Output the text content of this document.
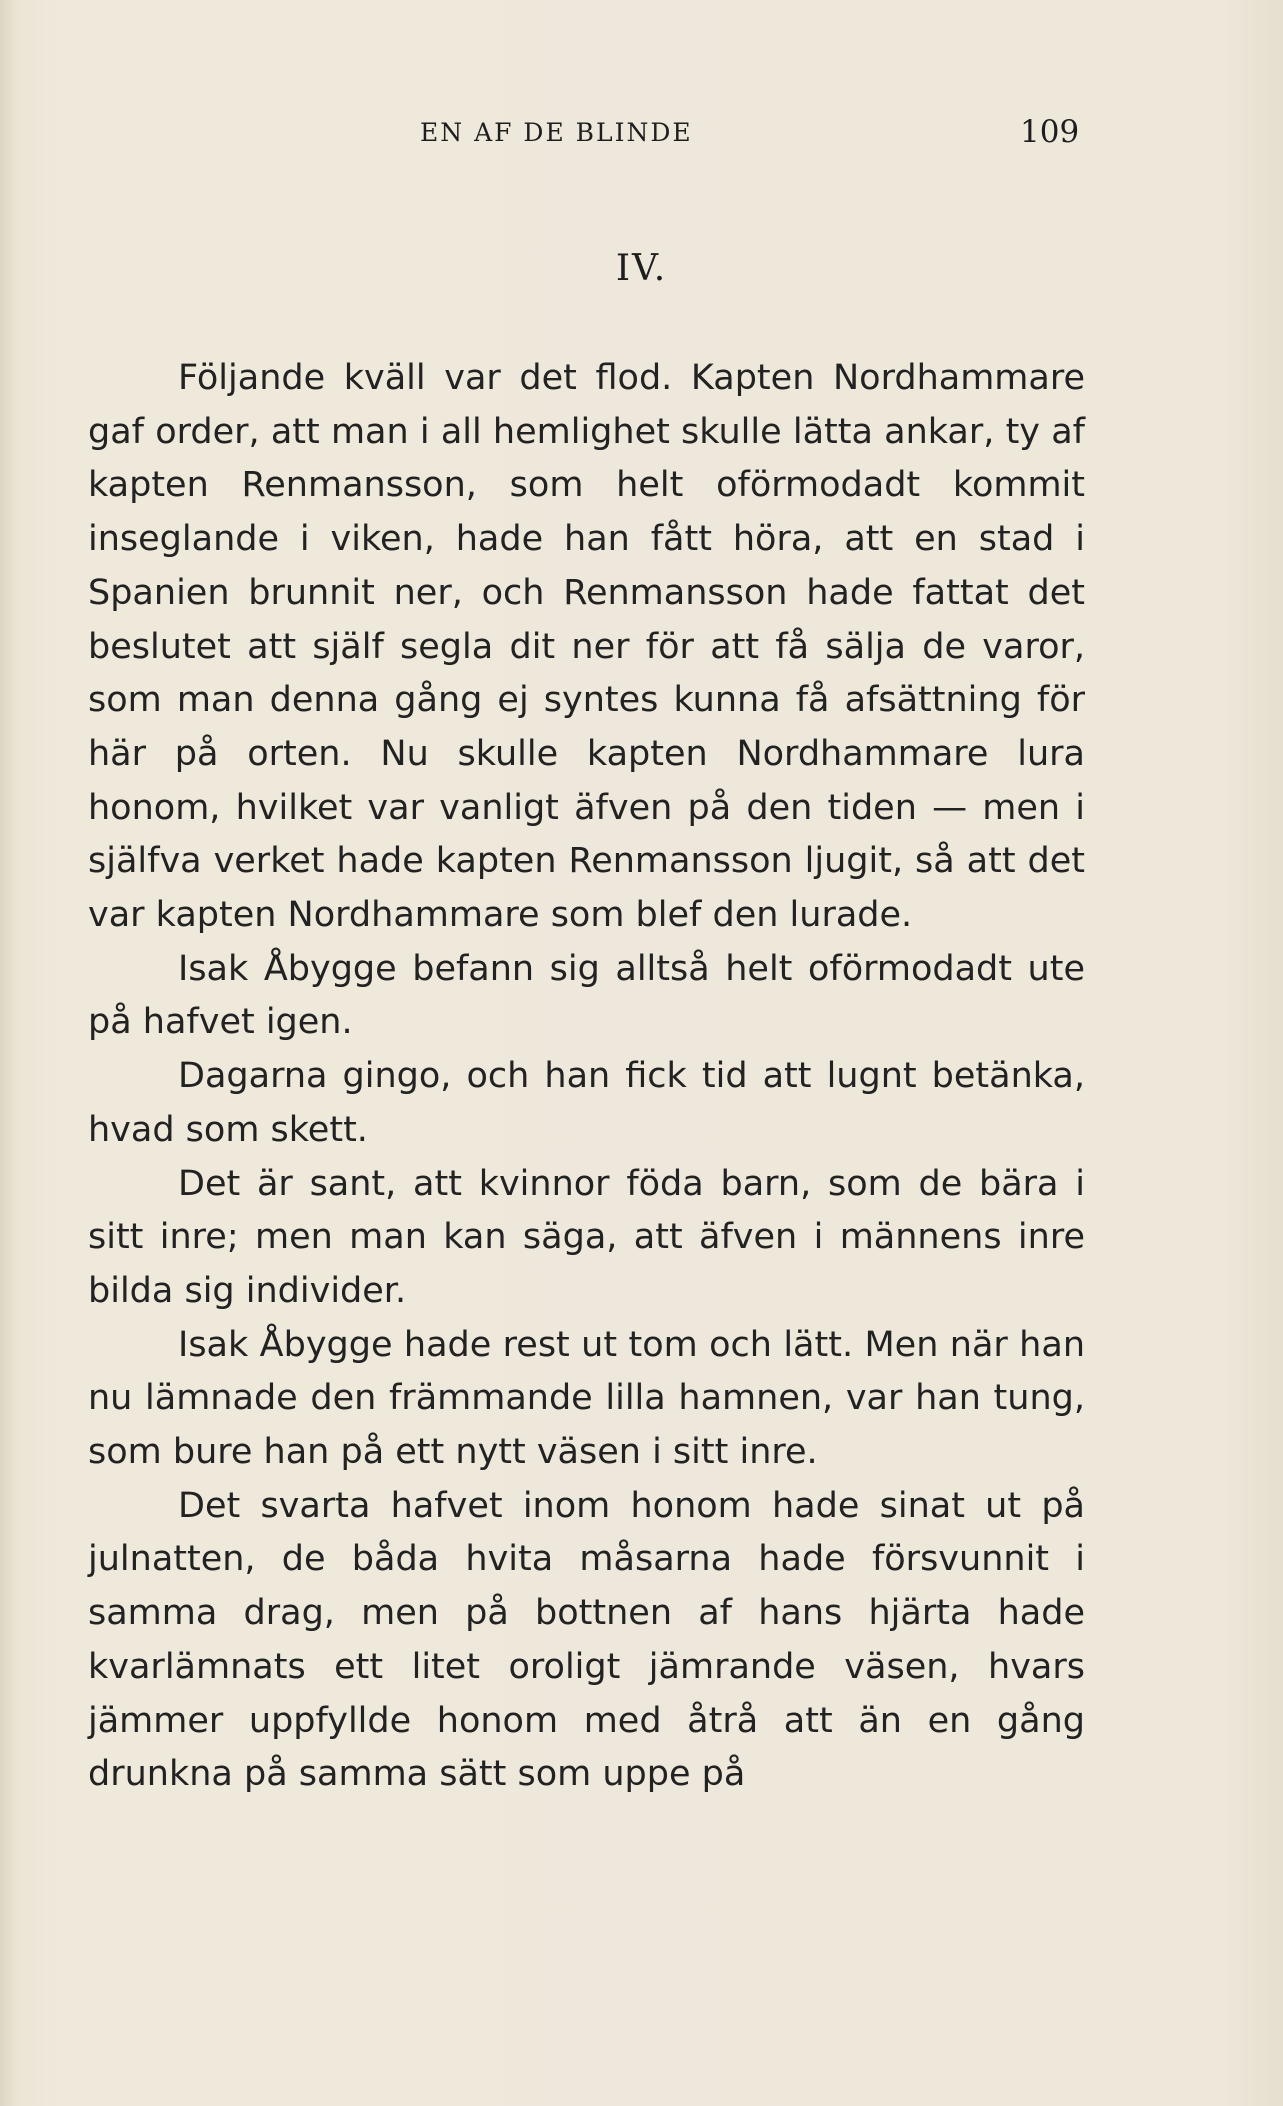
EN AF DE BLINDE	109
IV.

Följande kväll var det flod. Kapten Nordhammare gaf order, att man i all hemlighet skulle lätta ankar, ty af kapten Renmansson, som helt oförmodadt kommit inseglande i viken, hade han fått höra, att en stad i Spanien brunnit ner, och Renmansson hade fattat det beslutet att själf segla dit ner för att få sälja de varor, som man denna gång ej syntes kunna få afsättning för här på orten. Nu skulle kapten Nordhammare lura honom, hvilket var vanligt äfven på den tiden — men i själfva verket hade kapten Renmansson ljugit, så att det var kapten Nordhammare som blef den lurade.

Isak Åbygge befann sig alltså helt oförmodadt ute på hafvet igen.

Dagarna gingo, och han fick tid att lugnt betänka, hvad som skett.

Det är sant, att kvinnor föda barn, som de bära i sitt inre; men man kan säga, att äfven i männens inre bilda sig individer.

Isak Åbygge hade rest ut tom och lätt. Men när han nu lämnade den främmande lilla hamnen, var han tung, som bure han på ett nytt väsen i sitt inre.

Det svarta hafvet inom honom hade sinat ut på julnatten, de båda hvita måsarna hade försvunnit i samma drag, men på bottnen af hans hjärta hade kvarlämnats ett litet oroligt jämrande väsen, hvars jämmer uppfyllde honom med åtrå att än en gång drunkna på samma sätt som uppe på
